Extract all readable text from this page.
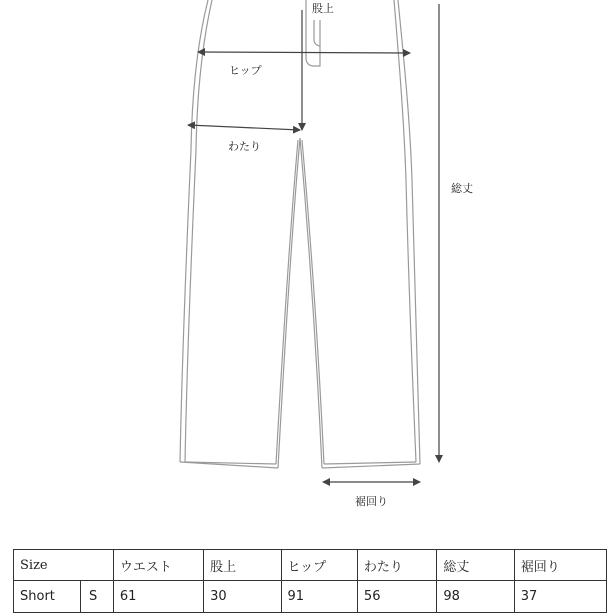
股上
ヒップ
わたり
総丈
裾回り
Size	ウエスト	股上	ヒップ	わたり	総丈	裾回り

Short S	61	30	91	56	98	37
